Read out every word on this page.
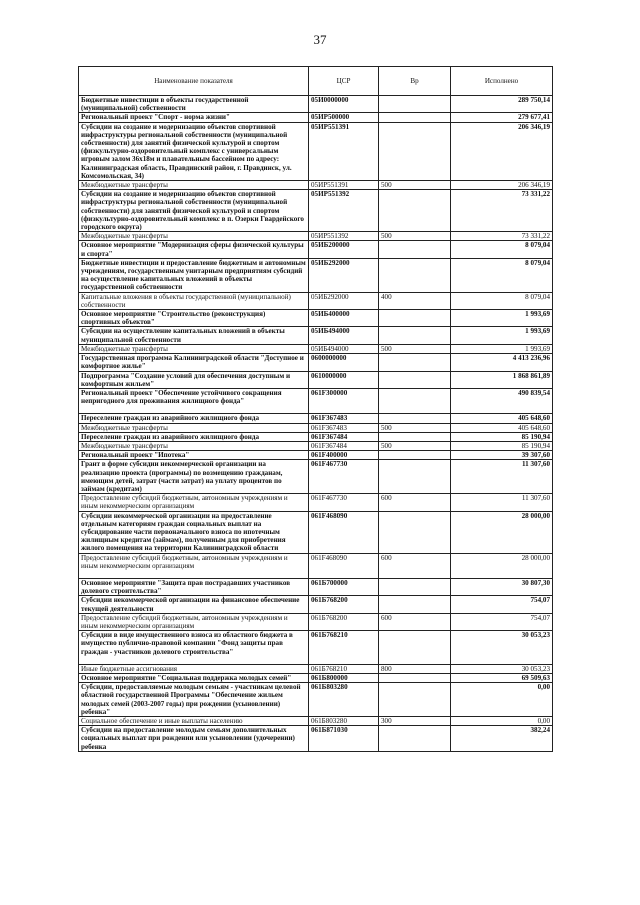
37
Наименование показателя	ЦСР	Вр	Исполнено
Бюджетные инвестиции в объекты государственной (муниципальной) собственности	05И0000000		289 750,14
Региональный проект "Спорт - норма жизни"	05ИР500000		279 677,41
Субсидии на создание и модернизацию объектов спортивной инфраструктуры региональной собственности (муниципальной собственности) для занятий физической культурой и спортом (физкультурно-оздоровительный комплекс с универсальным игровым залом 36x18м и плавательным бассейном по адресу: Калининградская область, Правдинский район, г. Правдинск, ул. Комсомольская, 34)	05ИР551391		206 346,19
Межбюджетные трансферты	05ИР551391	500	206 346,19
Субсидии на создание и модернизацию объектов спортивной инфраструктуры региональной собственности (муниципальной собственности) для занятий физической культурой и спортом (физкультурно-оздоровительный комплекс в п. Озерки Гвардейского городского округа)	05ИР551392		73 331,22
Межбюджетные трансферты	05ИР551392	500	73 331,22
Основное мероприятие "Модернизация сферы физической культуры и спорта"	05ИБ200000		8 079,04
Бюджетные инвестиции и предоставление бюджетным и автономным учреждениям, государственным унитарным предприятиям субсидий на осуществление капитальных вложений в объекты государственной собственности	05ИБ292000		8 079,04
Капитальные вложения в объекты государственной (муниципальной) собственности	05ИБ292000	400	8 079,04
Основное мероприятие "Строительство (реконструкция) спортивных объектов"	05ИБ400000		1 993,69
Субсидии на осуществление капитальных вложений в объекты муниципальной собственности	05ИБ494000		1 993,69
Межбюджетные трансферты	05ИБ494000	500	1 993,69
Государственная программа Калининградской области "Доступное и комфортное жилье"	0600000000		4 413 236,96
Подпрограмма "Создание условий для обеспечения доступным и комфортным жильем"	0610000000		1 868 861,89
Региональный проект "Обеспечение устойчивого сокращения непригодного для проживания жилищного фонда"	061F300000		490 839,54
Переселение граждан из аварийного жилищного фонда	061F367483		405 648,60
Межбюджетные трансферты	061F367483	500	405 648,60
Переселение граждан из аварийного жилищного фонда	061F367484		85 190,94
Межбюджетные трансферты	061F367484	500	85 190,94
Региональный проект "Ипотека"	061F400000		39 307,60
Грант в форме субсидии некоммерческой организации на реализацию проекта (программы) по возмещению гражданам, имеющим детей, затрат (части затрат) на уплату процентов по займам (кредитам)	061F467730		11 307,60
Предоставление субсидий бюджетным, автономным учреждениям и иным некоммерческим организациям	061F467730	600	11 307,60
Субсидии некоммерческой организации на предоставление отдельным категориям граждан социальных выплат на субсидирование части первоначального взноса по ипотечным жилищным кредитам (займам), полученным для приобретения жилого помещения на территории Калининградской области	061F468090		28 000,00
Предоставление субсидий бюджетным, автономным учреждениям и иным некоммерческим организациям	061F468090	600	28 000,00
Основное мероприятие "Защита прав пострадавших участников долевого строительства"	061Б700000		30 807,30
Субсидии некоммерческой организации на финансовое обеспечение текущей деятельности	061Б768200		754,07
Предоставление субсидий бюджетным, автономным учреждениям и иным некоммерческим организациям	061Б768200	600	754,07
Субсидии в виде имущественного взноса из областного бюджета в имущество публично-правовой компании "Фонд защиты прав граждан - участников долевого строительства"	061Б768210		30 053,23
Иные бюджетные ассигнования	061Б768210	800	30 053,23
Основное мероприятие "Социальная поддержка молодых семей"	061Б800000		69 509,63
Субсидии, предоставляемые молодым семьям - участникам целевой областной государственной Программы "Обеспечение жильем молодых семей (2003-2007 годы) при рождении (усыновлении) ребенка"	061Б803280		0,00
Социальное обеспечение и иные выплаты населению	061Б803280	300	0,00
Субсидии на предоставление молодым семьям дополнительных социальных выплат при рождении или усыновлении (удочерении) ребенка	061Б871030		382,24
